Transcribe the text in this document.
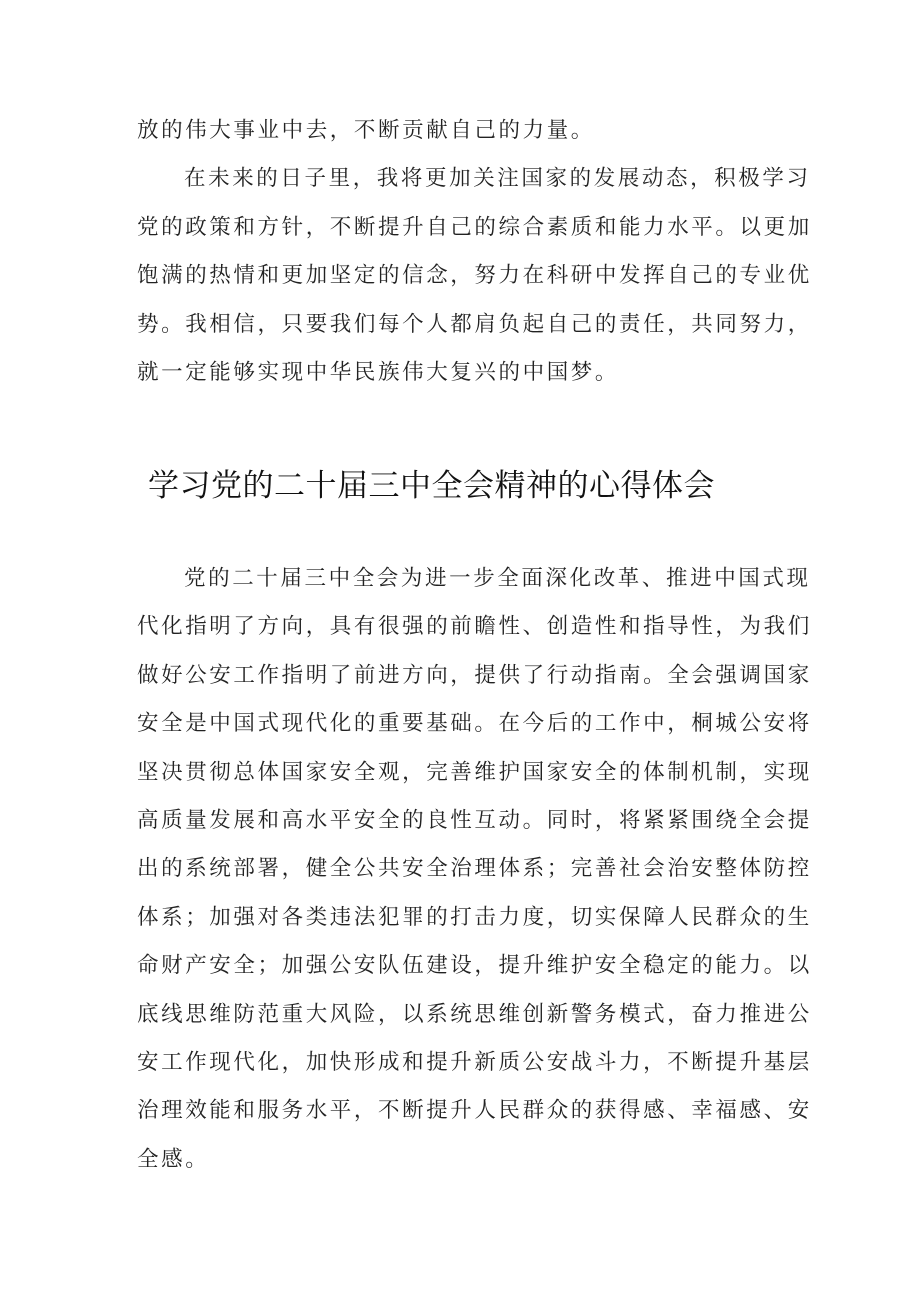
放的伟大事业中去，不断贡献自己的力量。
在未来的日子里，我将更加关注国家的发展动态，积极学习
党的政策和方针，不断提升自己的综合素质和能力水平。以更加
饱满的热情和更加坚定的信念，努力在科研中发挥自己的专业优
势。我相信，只要我们每个人都肩负起自己的责任，共同努力，
就一定能够实现中华民族伟大复兴的中国梦。
学习党的二十届三中全会精神的心得体会
党的二十届三中全会为进一步全面深化改革、推进中国式现
代化指明了方向，具有很强的前瞻性、创造性和指导性，为我们
做好公安工作指明了前进方向，提供了行动指南。全会强调国家
安全是中国式现代化的重要基础。在今后的工作中，桐城公安将
坚决贯彻总体国家安全观，完善维护国家安全的体制机制，实现
高质量发展和高水平安全的良性互动。同时，将紧紧围绕全会提
出的系统部署，健全公共安全治理体系；完善社会治安整体防控
体系；加强对各类违法犯罪的打击力度，切实保障人民群众的生
命财产安全；加强公安队伍建设，提升维护安全稳定的能力。以
底线思维防范重大风险，以系统思维创新警务模式，奋力推进公
安工作现代化，加快形成和提升新质公安战斗力，不断提升基层
治理效能和服务水平，不断提升人民群众的获得感、幸福感、安
全感。
